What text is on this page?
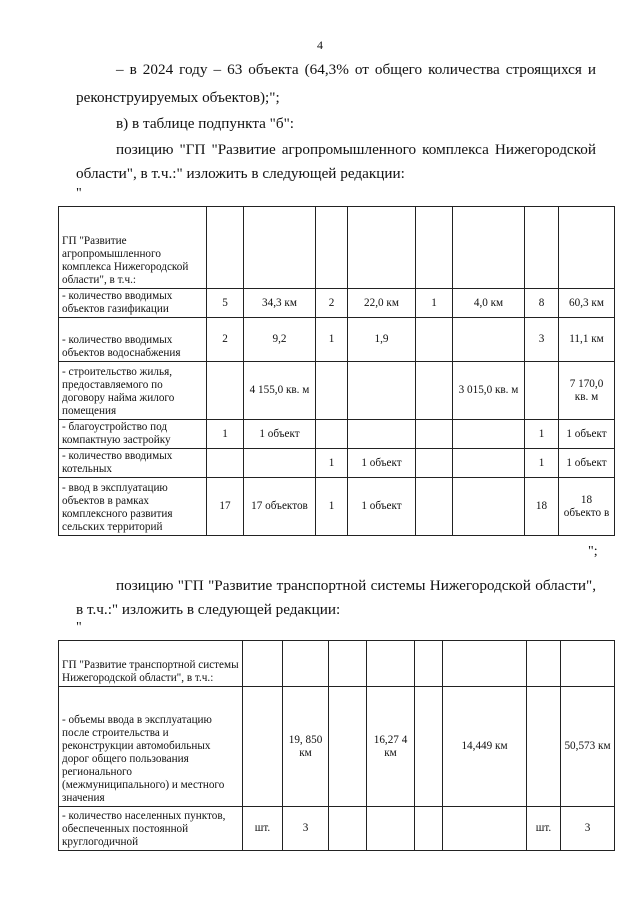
4
– в 2024 году – 63 объекта (64,3% от общего количества строящихся и
реконструируемых объектов);";
в) в таблице подпункта "б":
позицию "ГП "Развитие агропромышленного комплекса Нижегородской
области", в т.ч.:" изложить в следующей редакции:
"
ГП "Развитие агропромышленного комплекса Нижегородской области", в т.ч.:								
- количество вводимых объектов газификации	5	34,3 км	2	22,0 км	1	4,0 км	8	60,3 км
- количество вводимых объектов водоснабжения	2	9,2	1	1,9			3	11,1 км
- строительство жилья, предоставляемого по договору найма жилого помещения		4 155,0 кв. м				3 015,0 кв. м		7 170,0 кв. м
- благоустройство под компактную застройку	1	1 объект					1	1 объект
- количество вводимых котельных			1	1 объект			1	1 объект
- ввод в эксплуатацию объектов в рамках комплексного развития сельских территорий	17	17 объектов	1	1 объект			18	18 объекто в
";
позицию "ГП "Развитие транспортной системы Нижегородской области",
в т.ч.:" изложить в следующей редакции:
"
ГП "Развитие транспортной системы Нижегородской области", в т.ч.:								
- объемы ввода в эксплуатацию после строительства и реконструкции автомобильных дорог общего пользования регионального (межмуниципального) и местного значения		19, 850 км		16,27 4 км		14,449 км		50,573 км
- количество населенных пунктов, обеспеченных постоянной круглогодичной	шт.	3					шт.	3
